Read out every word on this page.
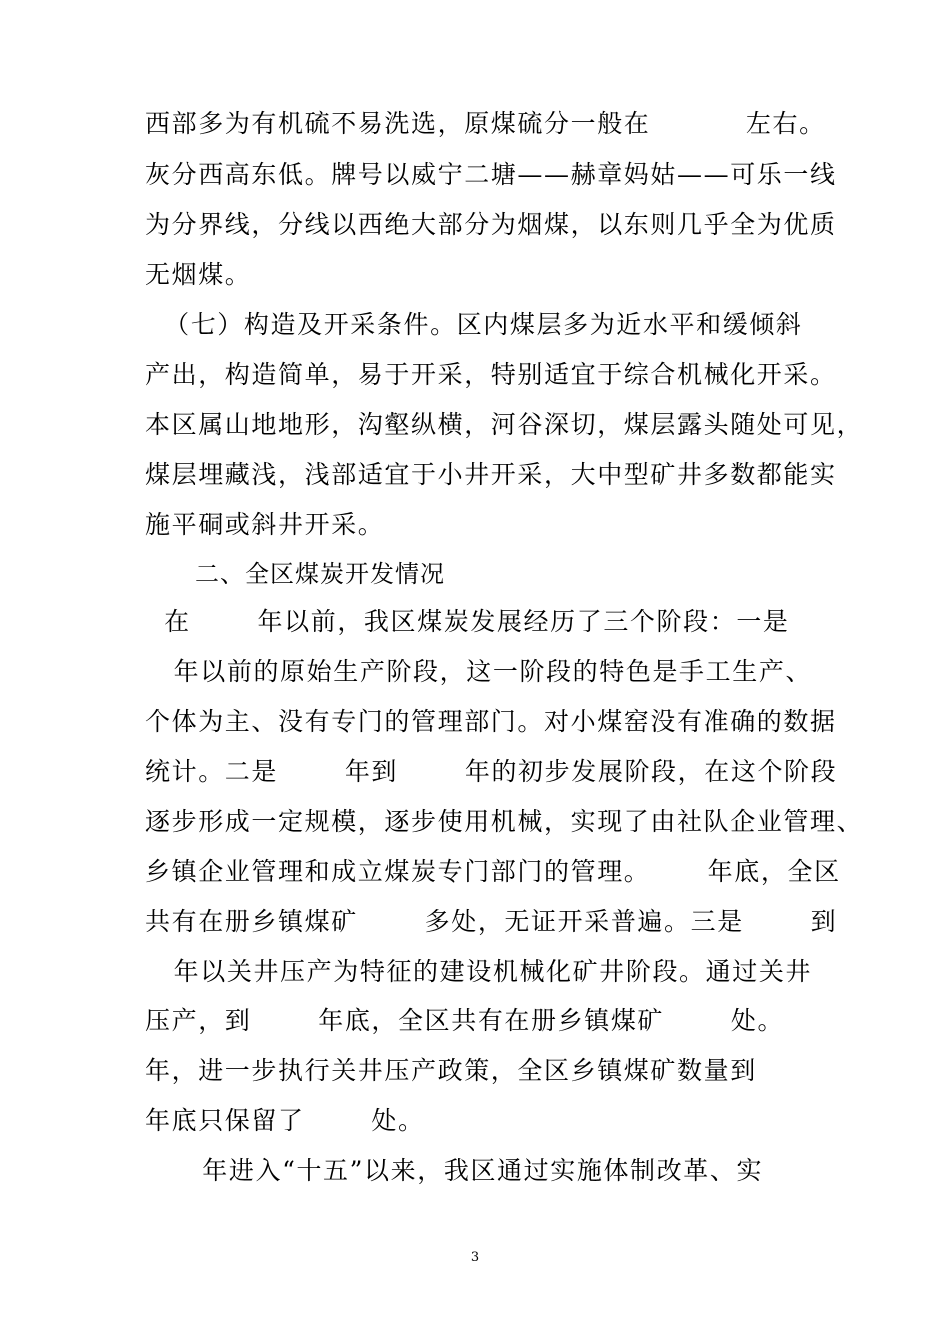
西部多为有机硫不易洗选，原煤硫分一般在          左右。
灰分西高东低。牌号以威宁二塘——赫章妈姑——可乐一线
为分界线，分线以西绝大部分为烟煤，以东则几乎全为优质
无烟煤。
（七）构造及开采条件。区内煤层多为近水平和缓倾斜
产出，构造简单，易于开采，特别适宜于综合机械化开采。
本区属山地地形，沟壑纵横，河谷深切，煤层露头随处可见，
煤层埋藏浅，浅部适宜于小井开采，大中型矿井多数都能实
施平硐或斜井开采。
二、全区煤炭开发情况
在       年以前，我区煤炭发展经历了三个阶段：一是
年以前的原始生产阶段，这一阶段的特色是手工生产、
个体为主、没有专门的管理部门。对小煤窑没有准确的数据
统计。二是       年到       年的初步发展阶段，在这个阶段
逐步形成一定规模，逐步使用机械，实现了由社队企业管理、
乡镇企业管理和成立煤炭专门部门的管理。      年底，全区
共有在册乡镇煤矿       多处，无证开采普遍。三是       到
年以关井压产为特征的建设机械化矿井阶段。通过关井
压产，到       年底，全区共有在册乡镇煤矿       处。
年，进一步执行关井压产政策，全区乡镇煤矿数量到
年底只保留了       处。
年进入“十五”以来，我区通过实施体制改革、实
3
